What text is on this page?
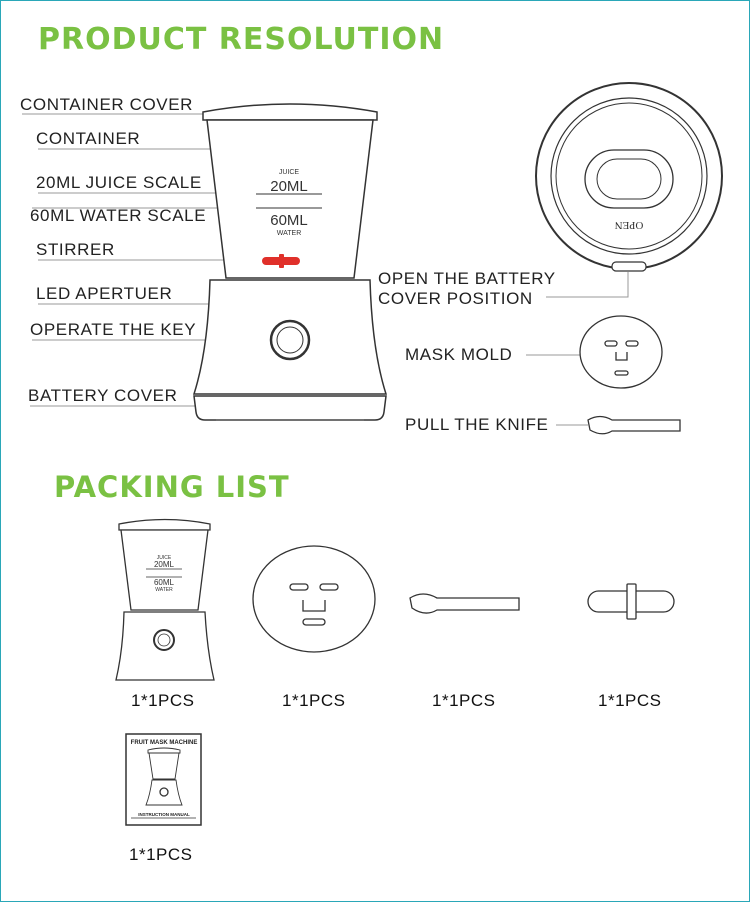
PRODUCT RESOLUTION
PACKING LIST
CONTAINER COVER
CONTAINER
20ML JUICE SCALE
60ML WATER SCALE
STIRRER
LED APERTUER
OPERATE THE KEY
BATTERY COVER
OPEN THE BATTERY
COVER POSITION
MASK MOLD
PULL THE KNIFE
JUICE
20ML
60ML
WATER
OPEN
JUICE
20ML
60ML
WATER
FRUIT MASK MACHINE
INSTRUCTION MANUAL
1*1PCS	1*1PCS	1*1PCS	1*1PCS
1*1PCS
